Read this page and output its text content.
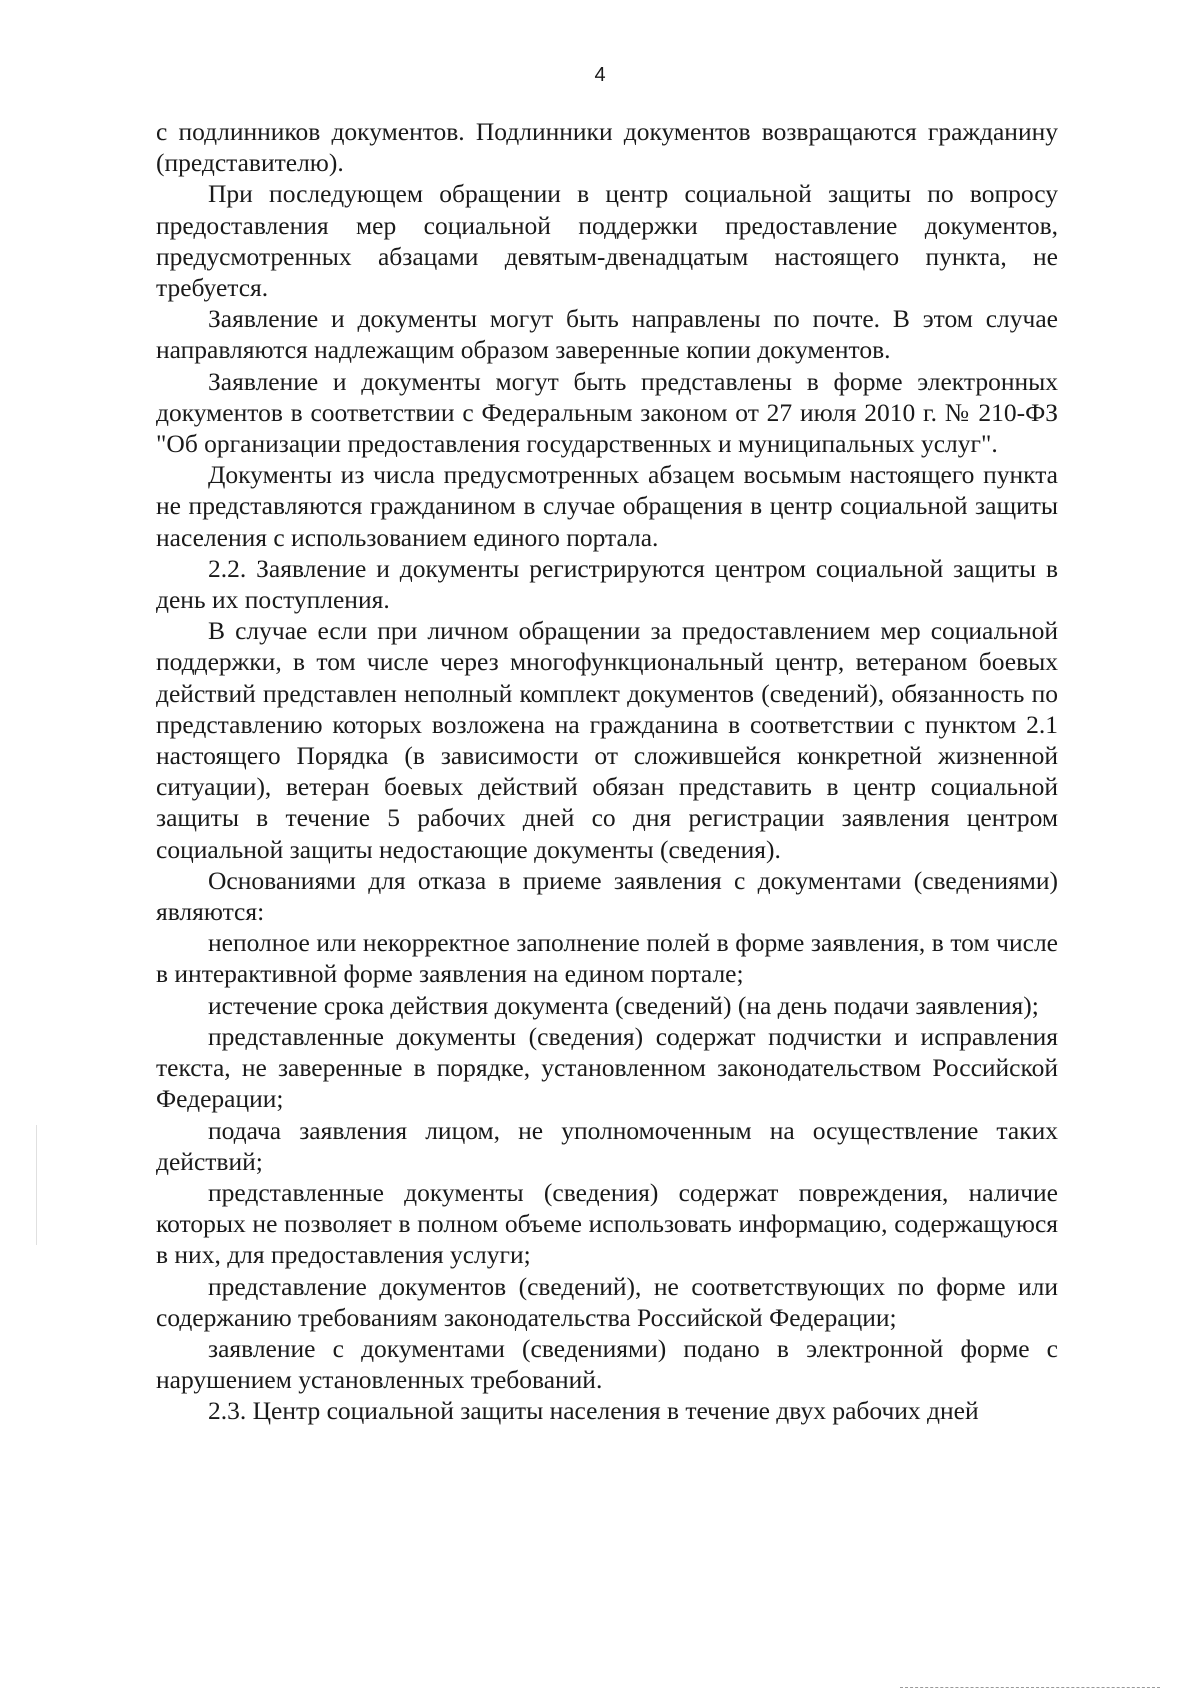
4

с подлинников документов. Подлинники документов возвращаются гражданину (представителю).

При последующем обращении в центр социальной защиты по вопросу предоставления мер социальной поддержки предоставление документов, предусмотренных абзацами девятым-двенадцатым настоящего пункта, не требуется.

Заявление и документы могут быть направлены по почте. В этом случае направляются надлежащим образом заверенные копии документов.

Заявление и документы могут быть представлены в форме электронных документов в соответствии с Федеральным законом от 27 июля 2010 г. № 210-ФЗ "Об организации предоставления государственных и муниципальных услуг".

Документы из числа предусмотренных абзацем восьмым настоящего пункта не представляются гражданином в случае обращения в центр социальной защиты населения с использованием единого портала.

2.2. Заявление и документы регистрируются центром социальной защиты в день их поступления.

В случае если при личном обращении за предоставлением мер социальной поддержки, в том числе через многофункциональный центр, ветераном боевых действий представлен неполный комплект документов (сведений), обязанность по представлению которых возложена на гражданина в соответствии с пунктом 2.1 настоящего Порядка (в зависимости от сложившейся конкретной жизненной ситуации), ветеран боевых действий обязан представить в центр социальной защиты в течение 5 рабочих дней со дня регистрации заявления центром социальной защиты недостающие документы (сведения).

Основаниями для отказа в приеме заявления с документами (сведениями) являются:

неполное или некорректное заполнение полей в форме заявления, в том числе в интерактивной форме заявления на едином портале;

истечение срока действия документа (сведений) (на день подачи заявления);

представленные документы (сведения) содержат подчистки и исправления текста, не заверенные в порядке, установленном законодательством Российской Федерации;

подача заявления лицом, не уполномоченным на осуществление таких действий;

представленные документы (сведения) содержат повреждения, наличие которых не позволяет в полном объеме использовать информацию, содержащуюся в них, для предоставления услуги;

представление документов (сведений), не соответствующих по форме или содержанию требованиям законодательства Российской Федерации;

заявление с документами (сведениями) подано в электронной форме с нарушением установленных требований.

2.3. Центр социальной защиты населения в течение двух рабочих дней
